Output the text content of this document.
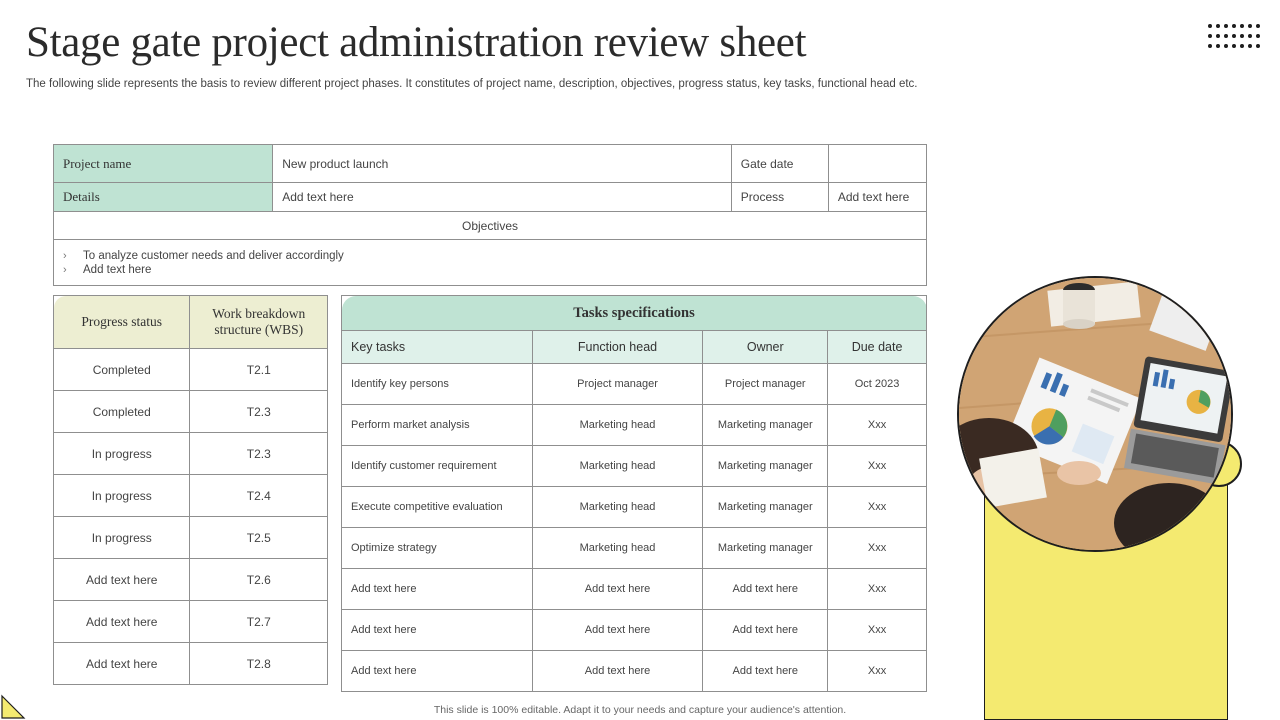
Stage gate project administration review sheet
The following slide represents the basis to review different project phases. It constitutes of project name, description, objectives, progress status, key tasks, functional head etc.
Project name	New product launch	Gate date	
Details	Add text here	Process	Add text here
Objectives			

› To analyze customer needs and deliver accordingly
› Add text here			
Progress status	Work breakdown structure (WBS)
Completed	T2.1
Completed	T2.3
In progress	T2.3
In progress	T2.4
In progress	T2.5
Add text here	T2.6
Add text here	T2.7
Add text here	T2.8
Tasks specifications			
Key tasks	Function head	Owner	Due date
Identify key persons	Project manager	Project manager	Oct 2023
Perform market analysis	Marketing head	Marketing manager	Xxx
Identify customer requirement	Marketing head	Marketing manager	Xxx
Execute competitive evaluation	Marketing head	Marketing manager	Xxx
Optimize strategy	Marketing head	Marketing manager	Xxx
Add text here	Add text here	Add text here	Xxx
Add text here	Add text here	Add text here	Xxx
Add text here	Add text here	Add text here	Xxx
This slide is 100% editable. Adapt it to your needs and capture your audience's attention.
